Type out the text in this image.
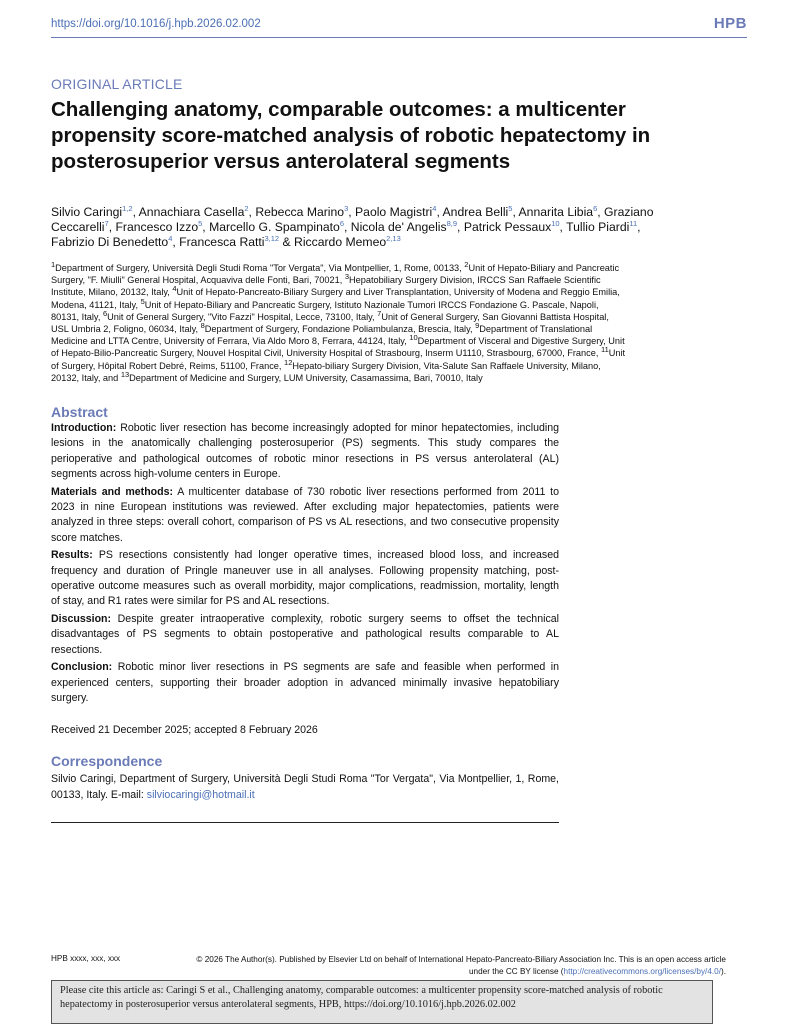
https://doi.org/10.1016/j.hpb.2026.02.002	HPB
ORIGINAL ARTICLE
Challenging anatomy, comparable outcomes: a multicenter propensity score-matched analysis of robotic hepatectomy in posterosuperior versus anterolateral segments
Silvio Caringi$^{1,2}$, Annachiara Casella$^2$, Rebecca Marino$^3$, Paolo Magistri$^4$, Andrea Belli$^5$, Annarita Libia$^6$, Graziano Ceccarelli$^7$, Francesco Izzo$^5$, Marcello G. Spampinato$^6$, Nicola de' Angelis$^{8,9}$, Patrick Pessaux$^{10}$, Tullio Piardi$^{11}$, Fabrizio Di Benedetto$^4$, Francesca Ratti$^{3,12}$ & Riccardo Memeo$^{2,13}$
$^1$Department of Surgery, Università Degli Studi Roma "Tor Vergata", Via Montpellier, 1, Rome, 00133, $^2$Unit of Hepato-Biliary and Pancreatic Surgery, "F. Miulli" General Hospital, Acquaviva delle Fonti, Bari, 70021, $^3$Hepatobiliary Surgery Division, IRCCS San Raffaele Scientific Institute, Milano, 20132, Italy, $^4$Unit of Hepato-Pancreato-Biliary Surgery and Liver Transplantation, University of Modena and Reggio Emilia, Modena, 41121, Italy, $^5$Unit of Hepato-Biliary and Pancreatic Surgery, Istituto Nazionale Tumori IRCCS Fondazione G. Pascale, Napoli, 80131, Italy, $^6$Unit of General Surgery, "Vito Fazzi" Hospital, Lecce, 73100, Italy, $^7$Unit of General Surgery, San Giovanni Battista Hospital, USL Umbria 2, Foligno, 06034, Italy, $^8$Department of Surgery, Fondazione Poliambulanza, Brescia, Italy, $^9$Department of Translational Medicine and LTTA Centre, University of Ferrara, Via Aldo Moro 8, Ferrara, 44124, Italy, $^{10}$Department of Visceral and Digestive Surgery, Unit of Hepato-Bilio-Pancreatic Surgery, Nouvel Hospital Civil, University Hospital of Strasbourg, Inserm U1110, Strasbourg, 67000, France, $^{11}$Unit of Surgery, Hôpital Robert Debré, Reims, 51100, France, $^{12}$Hepato-biliary Surgery Division, Vita-Salute San Raffaele University, Milano, 20132, Italy, and $^{13}$Department of Medicine and Surgery, LUM University, Casamassima, Bari, 70010, Italy
Abstract

Introduction: Robotic liver resection has become increasingly adopted for minor hepatectomies, including lesions in the anatomically challenging posterosuperior (PS) segments. This study compares the perioperative and pathological outcomes of robotic minor resections in PS versus anterolateral (AL) segments across high-volume centers in Europe.

Materials and methods: A multicenter database of 730 robotic liver resections performed from 2011 to 2023 in nine European institutions was reviewed. After excluding major hepatectomies, patients were analyzed in three steps: overall cohort, comparison of PS vs AL resections, and two consecutive propensity score matches.

Results: PS resections consistently had longer operative times, increased blood loss, and increased frequency and duration of Pringle maneuver use in all analyses. Following propensity matching, post-operative outcome measures such as overall morbidity, major complications, readmission, mortality, length of stay, and R1 rates were similar for PS and AL resections.

Discussion: Despite greater intraoperative complexity, robotic surgery seems to offset the technical disadvantages of PS segments to obtain postoperative and pathological results comparable to AL resections.

Conclusion: Robotic minor liver resections in PS segments are safe and feasible when performed in experienced centers, supporting their broader adoption in advanced minimally invasive hepatobiliary surgery.

Received 21 December 2025; accepted 8 February 2026
Correspondence
Silvio Caringi, Department of Surgery, Università Degli Studi Roma "Tor Vergata", Via Montpellier, 1, Rome, 00133, Italy. E-mail: silviocaringi@hotmail.it
HPB xxxx, xxx, xxx	© 2026 The Author(s). Published by Elsevier Ltd on behalf of International Hepato-Pancreato-Biliary Association Inc. This is an open access article under the CC BY license (http://creativecommons.org/licenses/by/4.0/).
Please cite this article as: Caringi S et al., Challenging anatomy, comparable outcomes: a multicenter propensity score-matched analysis of robotic hepatectomy in posterosuperior versus anterolateral segments, HPB, https://doi.org/10.1016/j.hpb.2026.02.002
